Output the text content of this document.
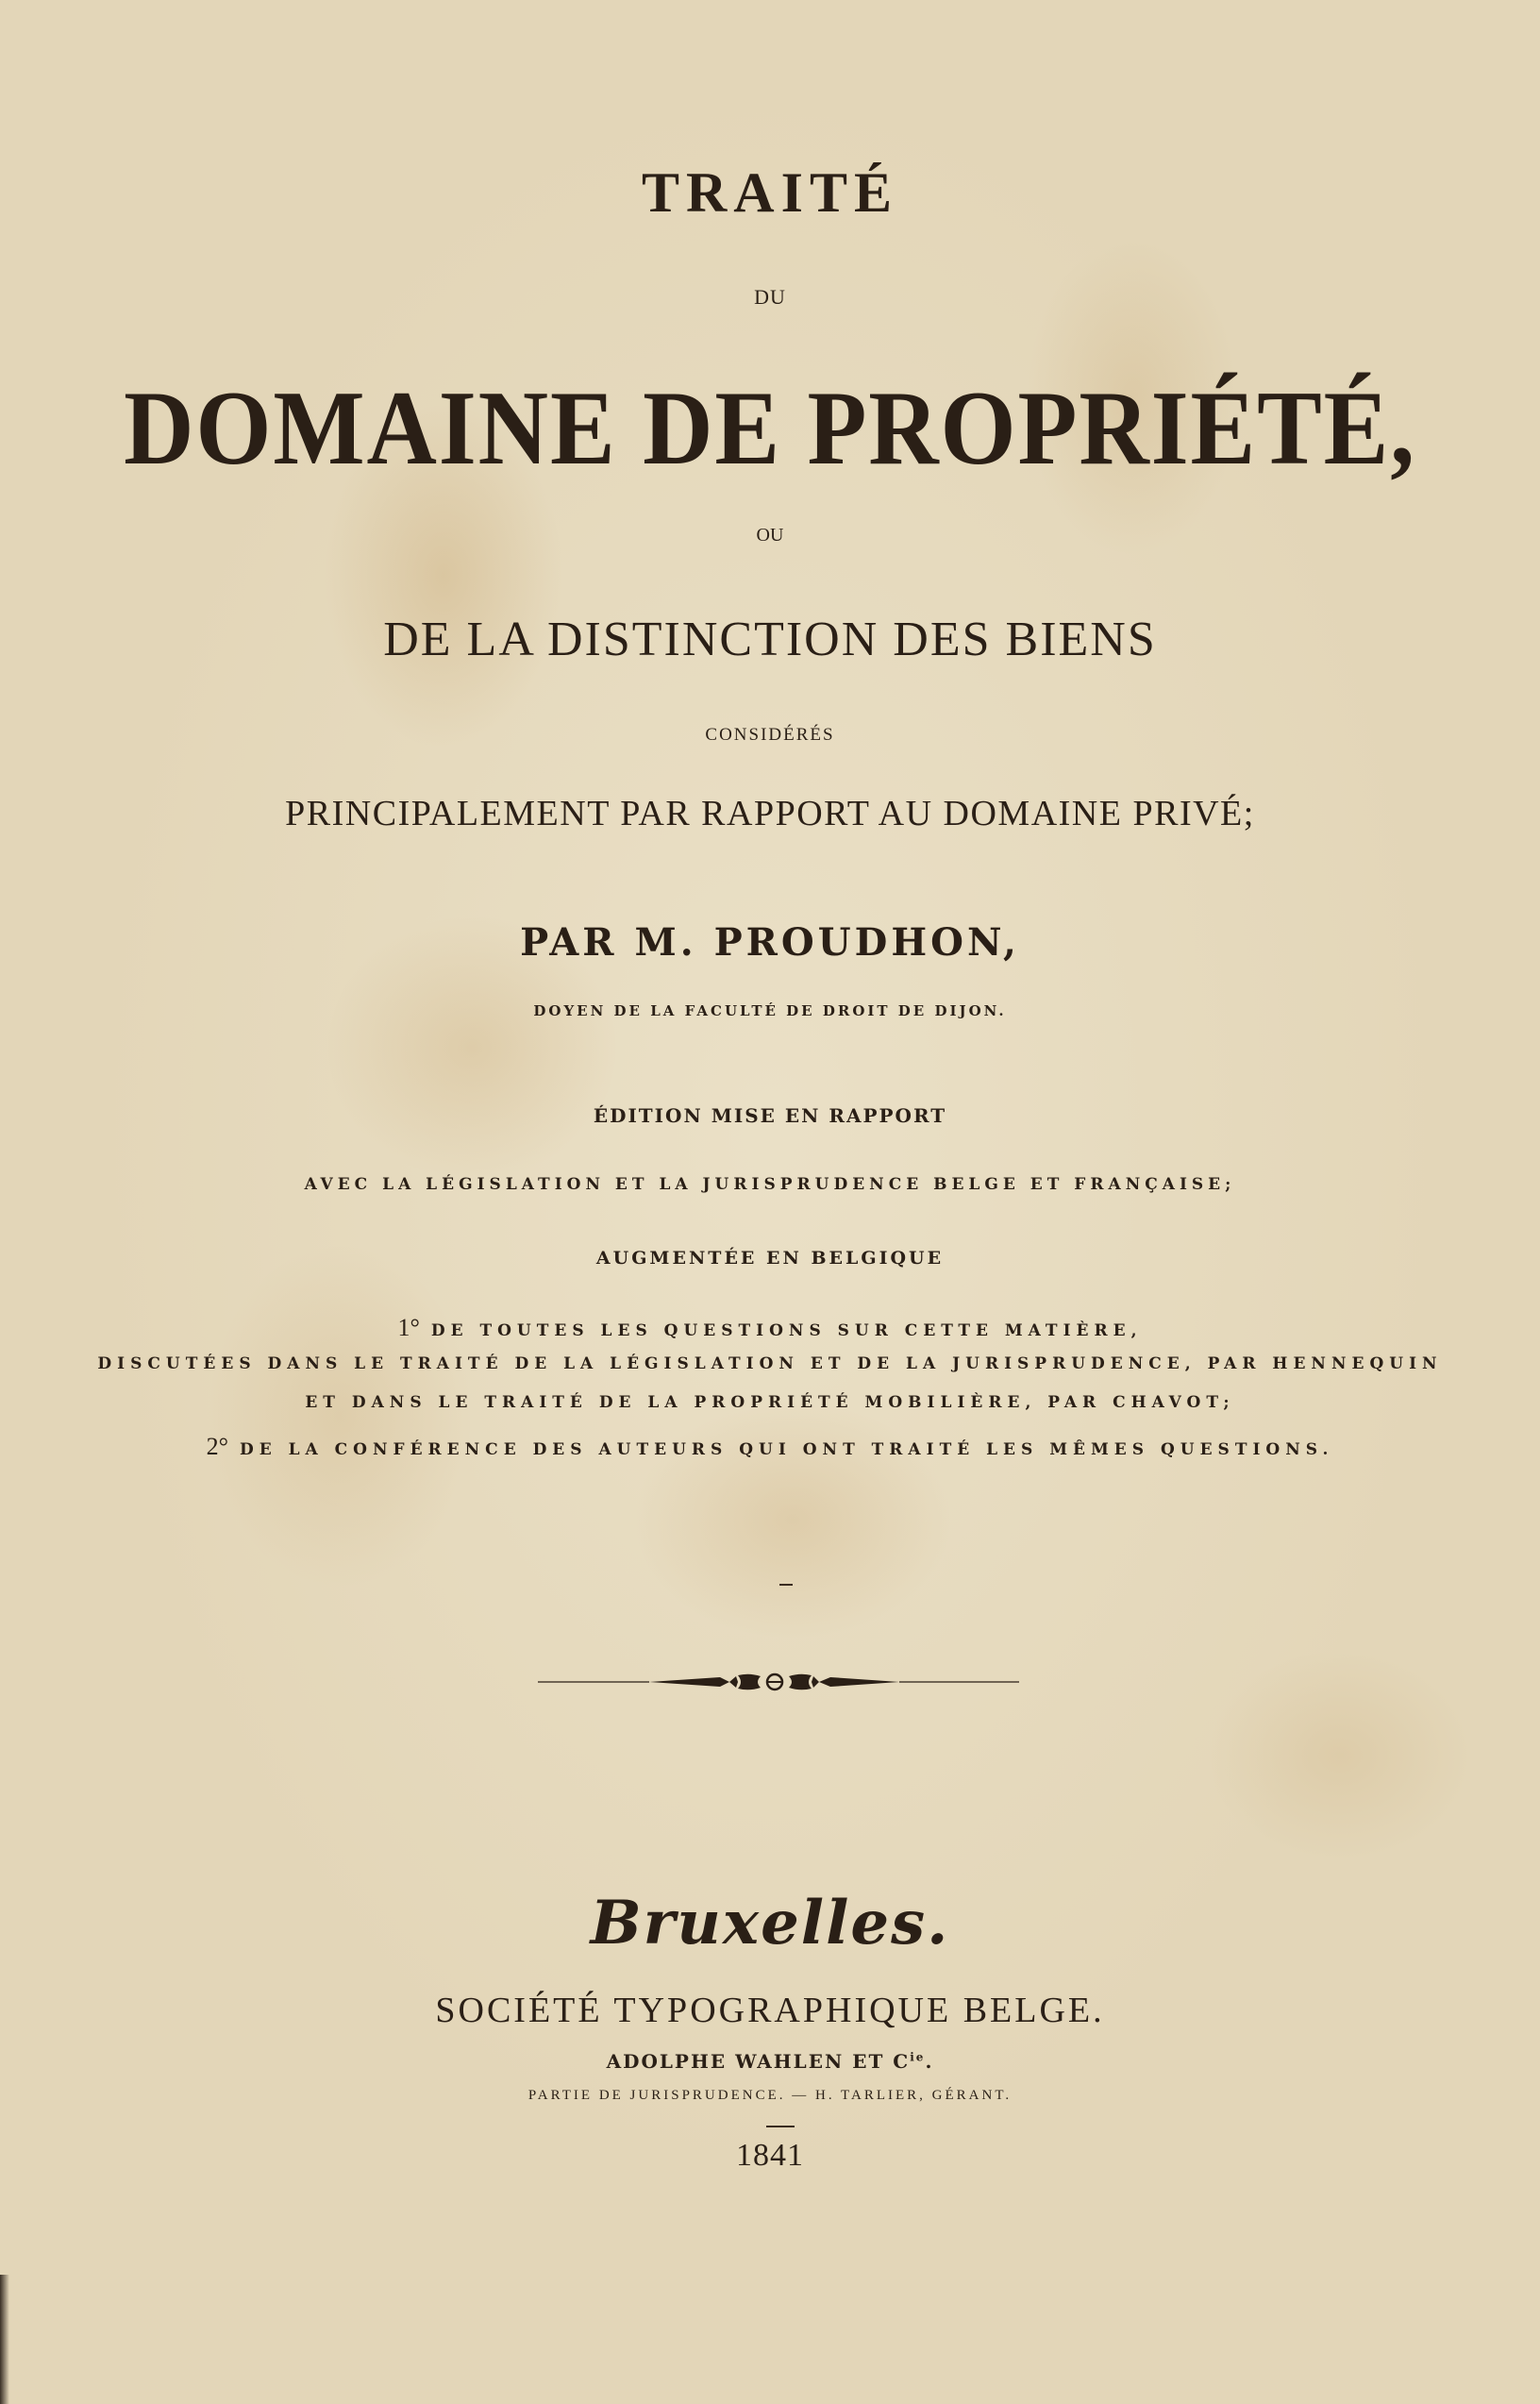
TRAITÉ
DU
DOMAINE DE PROPRIÉTÉ,
OU
DE LA DISTINCTION DES BIENS
CONSIDÉRÉS
PRINCIPALEMENT PAR RAPPORT AU DOMAINE PRIVÉ;
PAR M. PROUDHON,
DOYEN DE LA FACULTÉ DE DROIT DE DIJON.
ÉDITION MISE EN RAPPORT
AVEC LA LÉGISLATION ET LA JURISPRUDENCE BELGE ET FRANÇAISE;
AUGMENTÉE EN BELGIQUE
1° DE TOUTES LES QUESTIONS SUR CETTE MATIÈRE,
DISCUTÉES DANS LE TRAITÉ DE LA LÉGISLATION ET DE LA JURISPRUDENCE, PAR HENNEQUIN
ET DANS LE TRAITÉ DE LA PROPRIÉTÉ MOBILIÈRE, PAR CHAVOT;
2° DE LA CONFÉRENCE DES AUTEURS QUI ONT TRAITÉ LES MÊMES QUESTIONS.
Bruxelles.
SOCIÉTÉ TYPOGRAPHIQUE BELGE.
ADOLPHE WAHLEN ET $C^{ie}$.
PARTIE DE JURISPRUDENCE. — H. TARLIER, GÉRANT.
1841
